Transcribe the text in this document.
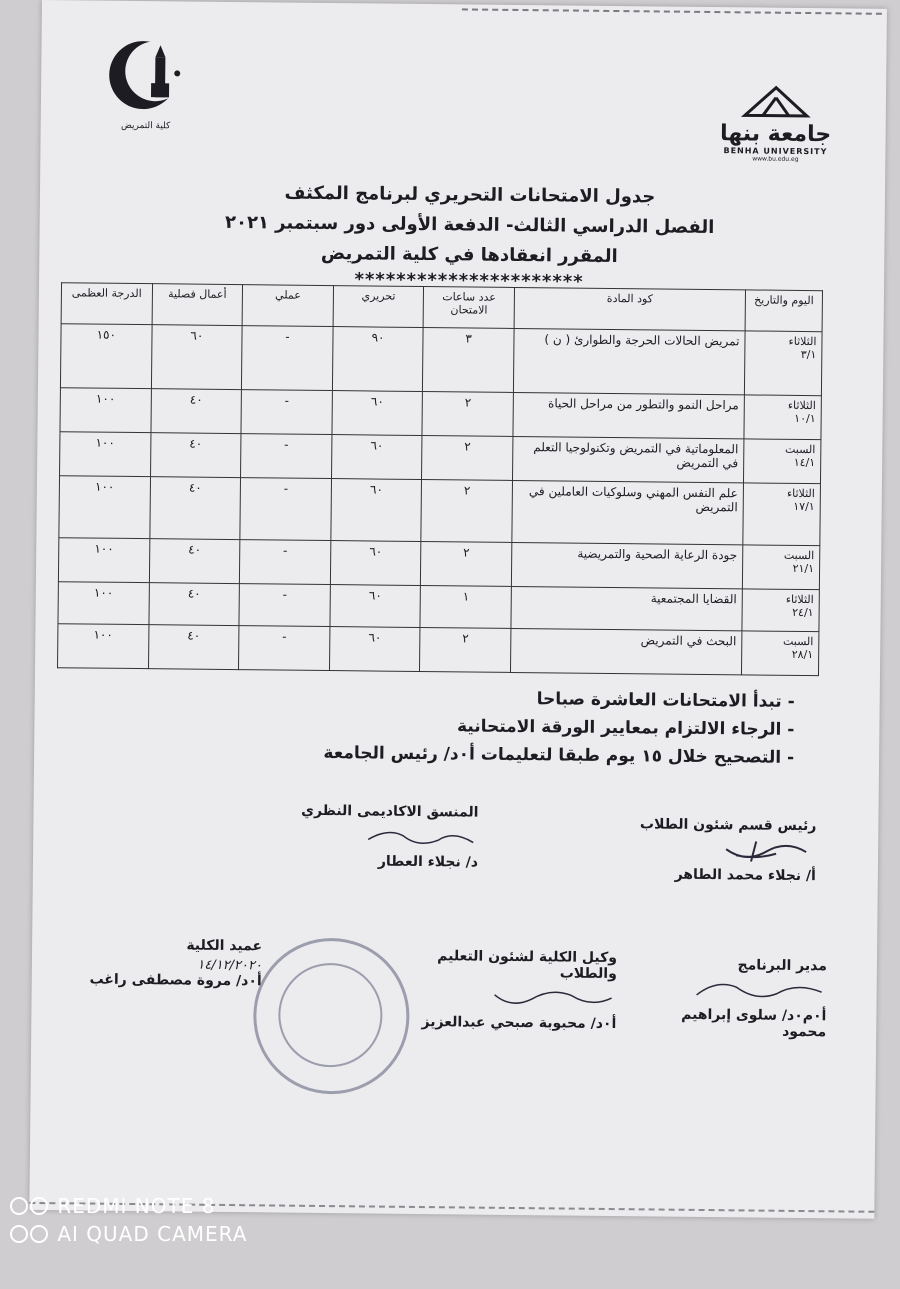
كلية التمريض	جامعة بنها
BENHA UNIVERSITY
www.bu.edu.eg
جدول الامتحانات التحريري لبرنامج المكثف
الفصل الدراسي الثالث- الدفعة الأولى دور سبتمبر ٢٠٢١
المقرر انعقادها في كلية التمريض
**********************
اليوم والتاريخ	كود المادة	عدد ساعات الامتحان	تحريري	عملي	أعمال فصلية	الدرجة العظمى

الثلاثاء
٣/١	تمريض الحالات الحرجة والطوارئ ( ن )	٣	٩٠	-	٦٠	١٥٠

الثلاثاء
١٠/١	مراحل النمو والتطور من مراحل الحياة	٢	٦٠	-	٤٠	١٠٠

السبت
١٤/١	المعلوماتية في التمريض وتكنولوجيا التعلم في التمريض	٢	٦٠	-	٤٠	١٠٠

الثلاثاء
١٧/١	علم النفس المهني وسلوكيات العاملين في التمريض	٢	٦٠	-	٤٠	١٠٠

السبت
٢١/١	جودة الرعاية الصحية والتمريضية	٢	٦٠	-	٤٠	١٠٠

الثلاثاء
٢٤/١	القضايا المجتمعية	١	٦٠	-	٤٠	١٠٠

السبت
٢٨/١	البحث في التمريض	٢	٦٠	-	٤٠	١٠٠
- تبدأ الامتحانات العاشرة صباحا
- الرجاء الالتزام بمعايير الورقة الامتحانية
- التصحيح خلال ١٥ يوم طبقا لتعليمات أ٠د/ رئيس الجامعة
رئيس قسم شئون الطلاب
أ/ نجلاء محمد الطاهر
المنسق الاكاديمى النظري
د/ نجلاء العطار
مدير البرنامج
أ٠م٠د/ سلوى إبراهيم محمود
وكيل الكلية لشئون التعليم والطلاب
أ٠د/ محبوبة صبحي عبدالعزيز
عميد الكلية
١٤/١٢/٢٠٢٠
أ٠د/ مروة مصطفى راغب
REDMI NOTE 8
AI QUAD CAMERA
